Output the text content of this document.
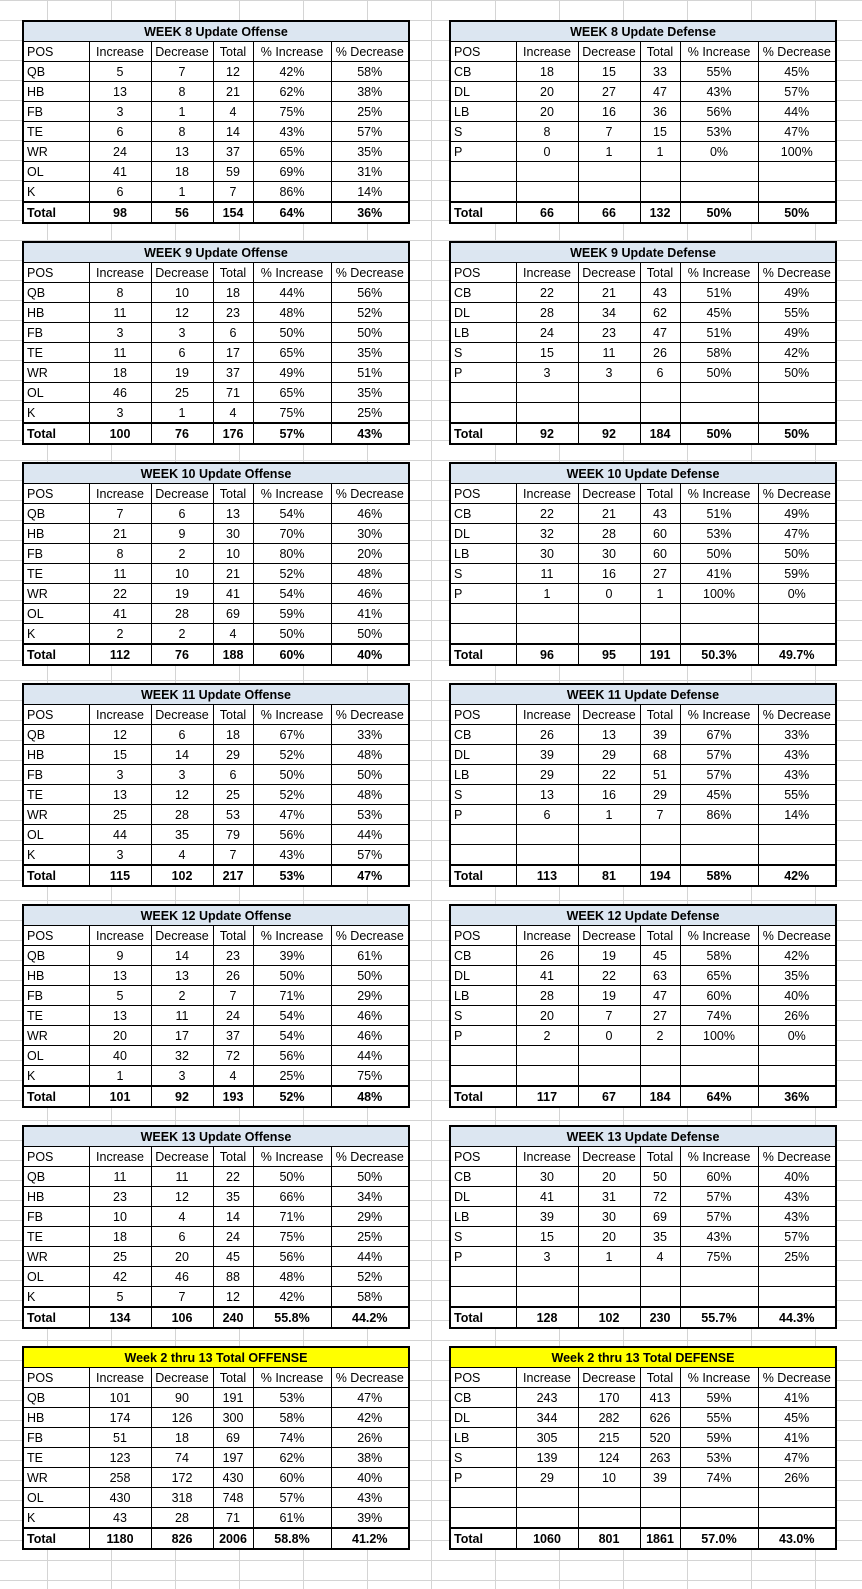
WEEK 8 Update Offense					
POS	Increase	Decrease	Total	% Increase	% Decrease
QB	5	7	12	42%	58%
HB	13	8	21	62%	38%
FB	3	1	4	75%	25%
TE	6	8	14	43%	57%
WR	24	13	37	65%	35%
OL	41	18	59	69%	31%
K	6	1	7	86%	14%
Total	98	56	154	64%	36%
WEEK 8 Update Defense					
POS	Increase	Decrease	Total	% Increase	% Decrease
CB	18	15	33	55%	45%
DL	20	27	47	43%	57%
LB	20	16	36	56%	44%
S	8	7	15	53%	47%
P	0	1	1	0%	100%

Total	66	66	132	50%	50%
WEEK 9 Update Offense					
POS	Increase	Decrease	Total	% Increase	% Decrease
QB	8	10	18	44%	56%
HB	11	12	23	48%	52%
FB	3	3	6	50%	50%
TE	11	6	17	65%	35%
WR	18	19	37	49%	51%
OL	46	25	71	65%	35%
K	3	1	4	75%	25%
Total	100	76	176	57%	43%
WEEK 9 Update Defense					
POS	Increase	Decrease	Total	% Increase	% Decrease
CB	22	21	43	51%	49%
DL	28	34	62	45%	55%
LB	24	23	47	51%	49%
S	15	11	26	58%	42%
P	3	3	6	50%	50%

Total	92	92	184	50%	50%
WEEK 10 Update Offense					
POS	Increase	Decrease	Total	% Increase	% Decrease
QB	7	6	13	54%	46%
HB	21	9	30	70%	30%
FB	8	2	10	80%	20%
TE	11	10	21	52%	48%
WR	22	19	41	54%	46%
OL	41	28	69	59%	41%
K	2	2	4	50%	50%
Total	112	76	188	60%	40%
WEEK 10 Update Defense					
POS	Increase	Decrease	Total	% Increase	% Decrease
CB	22	21	43	51%	49%
DL	32	28	60	53%	47%
LB	30	30	60	50%	50%
S	11	16	27	41%	59%
P	1	0	1	100%	0%

Total	96	95	191	50.3%	49.7%
WEEK 11 Update Offense					
POS	Increase	Decrease	Total	% Increase	% Decrease
QB	12	6	18	67%	33%
HB	15	14	29	52%	48%
FB	3	3	6	50%	50%
TE	13	12	25	52%	48%
WR	25	28	53	47%	53%
OL	44	35	79	56%	44%
K	3	4	7	43%	57%
Total	115	102	217	53%	47%
WEEK 11 Update Defense					
POS	Increase	Decrease	Total	% Increase	% Decrease
CB	26	13	39	67%	33%
DL	39	29	68	57%	43%
LB	29	22	51	57%	43%
S	13	16	29	45%	55%
P	6	1	7	86%	14%

Total	113	81	194	58%	42%
WEEK 12 Update Offense					
POS	Increase	Decrease	Total	% Increase	% Decrease
QB	9	14	23	39%	61%
HB	13	13	26	50%	50%
FB	5	2	7	71%	29%
TE	13	11	24	54%	46%
WR	20	17	37	54%	46%
OL	40	32	72	56%	44%
K	1	3	4	25%	75%
Total	101	92	193	52%	48%
WEEK 12 Update Defense					
POS	Increase	Decrease	Total	% Increase	% Decrease
CB	26	19	45	58%	42%
DL	41	22	63	65%	35%
LB	28	19	47	60%	40%
S	20	7	27	74%	26%
P	2	0	2	100%	0%

Total	117	67	184	64%	36%
WEEK 13 Update Offense					
POS	Increase	Decrease	Total	% Increase	% Decrease
QB	11	11	22	50%	50%
HB	23	12	35	66%	34%
FB	10	4	14	71%	29%
TE	18	6	24	75%	25%
WR	25	20	45	56%	44%
OL	42	46	88	48%	52%
K	5	7	12	42%	58%
Total	134	106	240	55.8%	44.2%
WEEK 13 Update Defense					
POS	Increase	Decrease	Total	% Increase	% Decrease
CB	30	20	50	60%	40%
DL	41	31	72	57%	43%
LB	39	30	69	57%	43%
S	15	20	35	43%	57%
P	3	1	4	75%	25%

Total	128	102	230	55.7%	44.3%
Week 2 thru 13 Total OFFENSE					
POS	Increase	Decrease	Total	% Increase	% Decrease
QB	101	90	191	53%	47%
HB	174	126	300	58%	42%
FB	51	18	69	74%	26%
TE	123	74	197	62%	38%
WR	258	172	430	60%	40%
OL	430	318	748	57%	43%
K	43	28	71	61%	39%
Total	1180	826	2006	58.8%	41.2%
Week 2 thru 13 Total DEFENSE					
POS	Increase	Decrease	Total	% Increase	% Decrease
CB	243	170	413	59%	41%
DL	344	282	626	55%	45%
LB	305	215	520	59%	41%
S	139	124	263	53%	47%
P	29	10	39	74%	26%

Total	1060	801	1861	57.0%	43.0%
